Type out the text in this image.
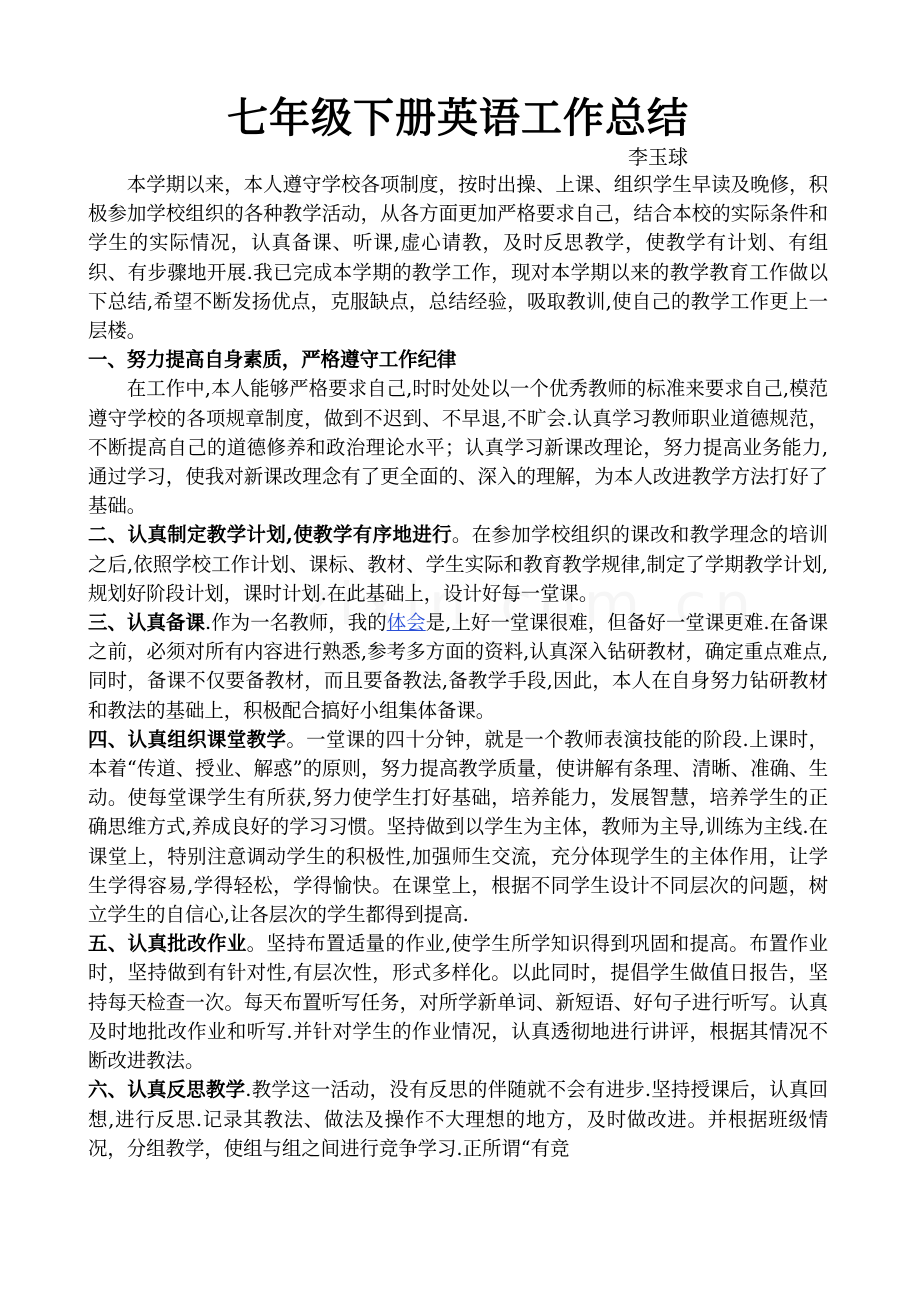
七年级下册英语工作总结

李玉球

本学期以来，本人遵守学校各项制度，按时出操、上课、组织学生早读及晚修，积极参加学校组织的各种教学活动，从各方面更加严格要求自己，结合本校的实际条件和学生的实际情况，认真备课、听课,虚心请教，及时反思教学，使教学有计划、有组织、有步骤地开展.我已完成本学期的教学工作，现对本学期以来的教学教育工作做以下总结,希望不断发扬优点，克服缺点，总结经验，吸取教训,使自己的教学工作更上一层楼。

一、努力提高自身素质，严格遵守工作纪律

在工作中,本人能够严格要求自己,时时处处以一个优秀教师的标准来要求自己,模范遵守学校的各项规章制度，做到不迟到、不早退,不旷会.认真学习教师职业道德规范，不断提高自己的道德修养和政治理论水平；认真学习新课改理论，努力提高业务能力,通过学习，使我对新课改理念有了更全面的、深入的理解，为本人改进教学方法打好了基础。

二、认真制定教学计划,使教学有序地进行。在参加学校组织的课改和教学理念的培训之后,依照学校工作计划、课标、教材、学生实际和教育教学规律,制定了学期教学计划,规划好阶段计划，课时计划.在此基础上，设计好每一堂课。

三、认真备课.作为一名教师，我的体会是,上好一堂课很难，但备好一堂课更难.在备课之前，必须对所有内容进行熟悉,参考多方面的资料,认真深入钻研教材，确定重点难点,同时，备课不仅要备教材，而且要备教法,备教学手段,因此，本人在自身努力钻研教材和教法的基础上，积极配合搞好小组集体备课。

四、认真组织课堂教学。一堂课的四十分钟，就是一个教师表演技能的阶段.上课时，本着“传道、授业、解惑”的原则，努力提高教学质量，使讲解有条理、清晰、准确、生动。使每堂课学生有所获,努力使学生打好基础，培养能力，发展智慧，培养学生的正确思维方式,养成良好的学习习惯。坚持做到以学生为主体，教师为主导,训练为主线.在课堂上，特别注意调动学生的积极性,加强师生交流，充分体现学生的主体作用，让学生学得容易,学得轻松，学得愉快。在课堂上，根据不同学生设计不同层次的问题，树立学生的自信心,让各层次的学生都得到提高.

五、认真批改作业。坚持布置适量的作业,使学生所学知识得到巩固和提高。布置作业时，坚持做到有针对性,有层次性，形式多样化。以此同时，提倡学生做值日报告，坚持每天检查一次。每天布置听写任务，对所学新单词、新短语、好句子进行听写。认真及时地批改作业和听写.并针对学生的作业情况，认真透彻地进行讲评，根据其情况不断改进教法。

六、认真反思教学.教学这一活动，没有反思的伴随就不会有进步.坚持授课后，认真回想,进行反思.记录其教法、做法及操作不大理想的地方，及时做改进。并根据班级情况，分组教学，使组与组之间进行竞争学习.正所谓“有竞
